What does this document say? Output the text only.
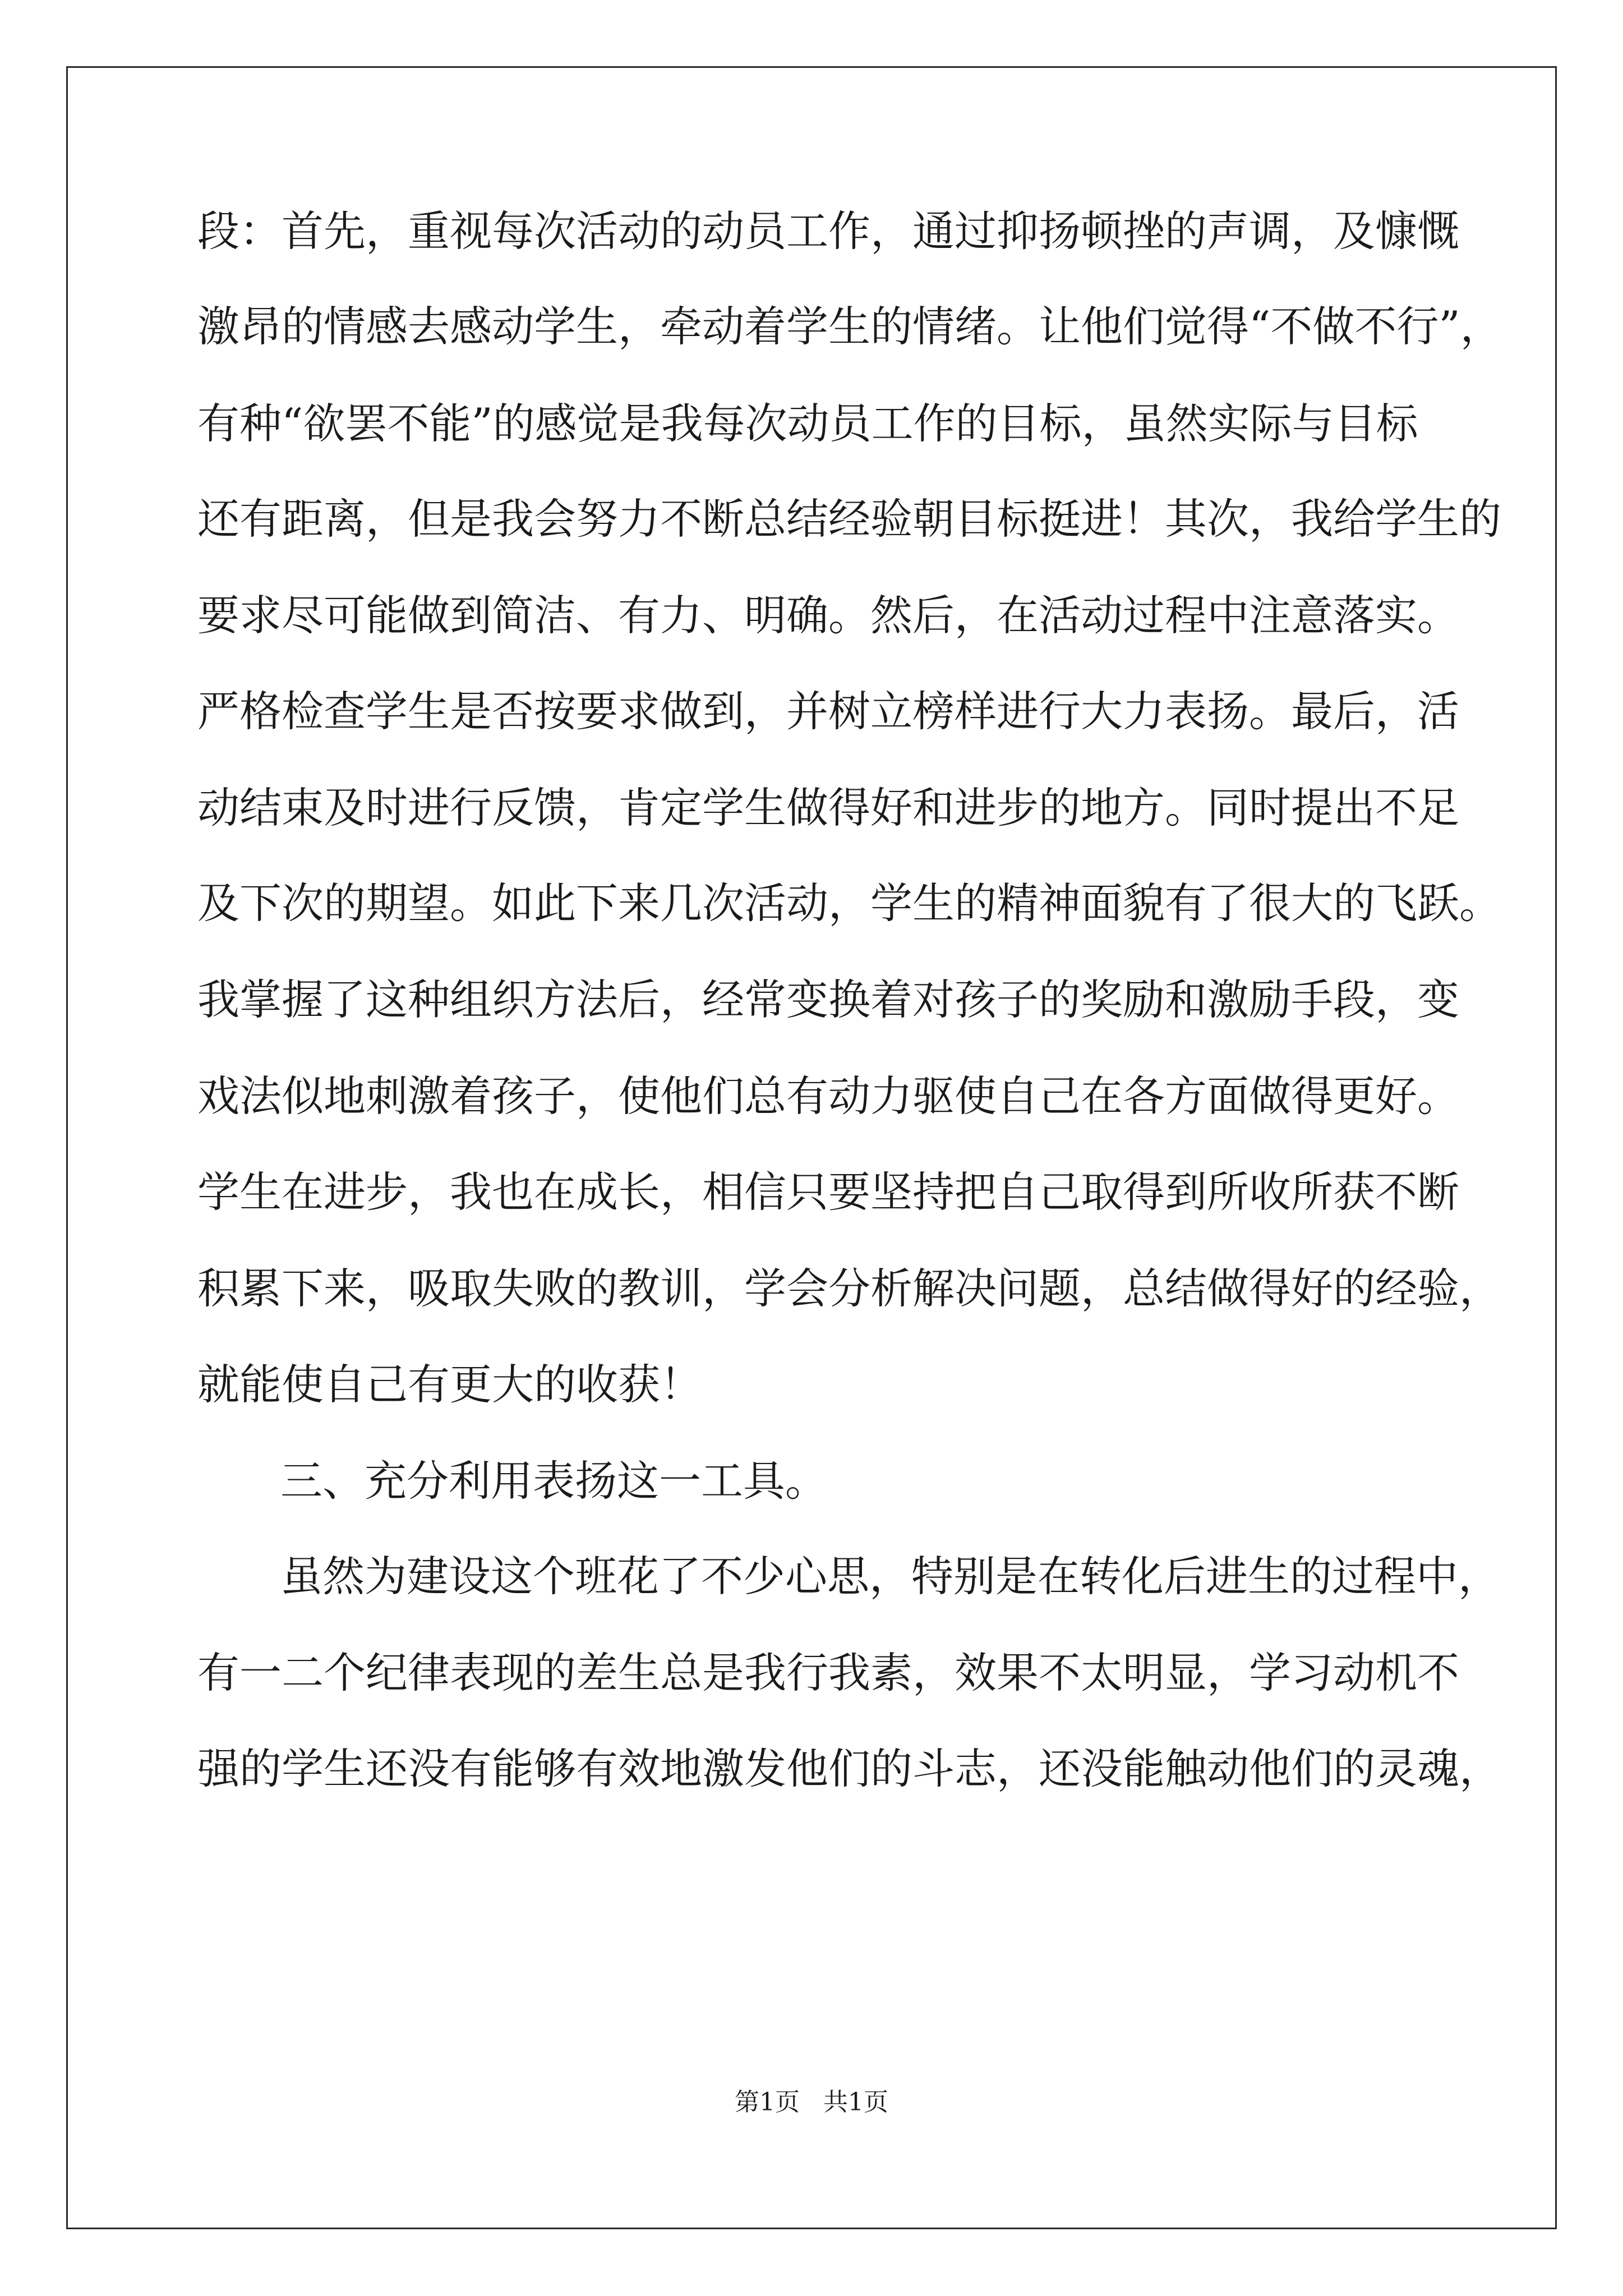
段：首先，重视每次活动的动员工作，通过抑扬顿挫的声调，及慷慨

激昂的情感去感动学生，牵动着学生的情绪。让他们觉得“不做不行”，

有种“欲罢不能”的感觉是我每次动员工作的目标，虽然实际与目标

还有距离，但是我会努力不断总结经验朝目标挺进！其次，我给学生的

要求尽可能做到简洁、有力、明确。然后，在活动过程中注意落实。

严格检查学生是否按要求做到，并树立榜样进行大力表扬。最后，活

动结束及时进行反馈，肯定学生做得好和进步的地方。同时提出不足

及下次的期望。如此下来几次活动，学生的精神面貌有了很大的飞跃。

我掌握了这种组织方法后，经常变换着对孩子的奖励和激励手段，变

戏法似地刺激着孩子，使他们总有动力驱使自己在各方面做得更好。

学生在进步，我也在成长，相信只要坚持把自己取得到所收所获不断

积累下来，吸取失败的教训，学会分析解决问题，总结做得好的经验，

就能使自己有更大的收获！

三、充分利用表扬这一工具。

虽然为建设这个班花了不少心思，特别是在转化后进生的过程中，

有一二个纪律表现的差生总是我行我素，效果不太明显，学习动机不

强的学生还没有能够有效地激发他们的斗志，还没能触动他们的灵魂，

第1页   共1页
